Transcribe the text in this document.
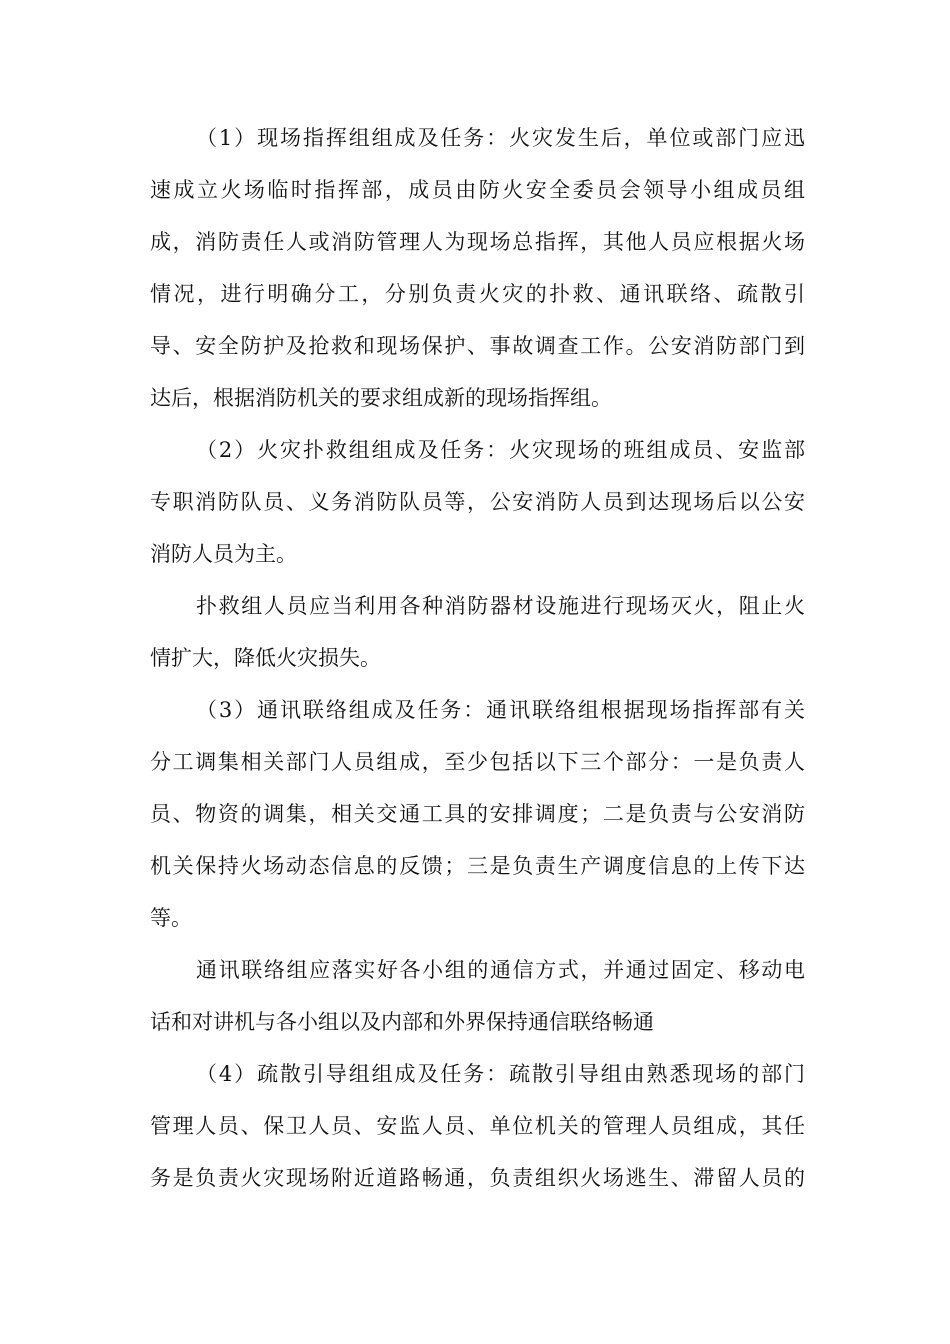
（1）现场指挥组组成及任务：火灾发生后，单位或部门应迅
速成立火场临时指挥部，成员由防火安全委员会领导小组成员组
成，消防责任人或消防管理人为现场总指挥，其他人员应根据火场
情况，进行明确分工，分别负责火灾的扑救、通讯联络、疏散引
导、安全防护及抢救和现场保护、事故调查工作。公安消防部门到
达后，根据消防机关的要求组成新的现场指挥组。
（2）火灾扑救组组成及任务：火灾现场的班组成员、安监部
专职消防队员、义务消防队员等，公安消防人员到达现场后以公安
消防人员为主。
扑救组人员应当利用各种消防器材设施进行现场灭火，阻止火
情扩大，降低火灾损失。
（3）通讯联络组成及任务：通讯联络组根据现场指挥部有关
分工调集相关部门人员组成，至少包括以下三个部分：一是负责人
员、物资的调集，相关交通工具的安排调度；二是负责与公安消防
机关保持火场动态信息的反馈；三是负责生产调度信息的上传下达
等。
通讯联络组应落实好各小组的通信方式，并通过固定、移动电
话和对讲机与各小组以及内部和外界保持通信联络畅通
（4）疏散引导组组成及任务：疏散引导组由熟悉现场的部门
管理人员、保卫人员、安监人员、单位机关的管理人员组成，其任
务是负责火灾现场附近道路畅通，负责组织火场逃生、滞留人员的
